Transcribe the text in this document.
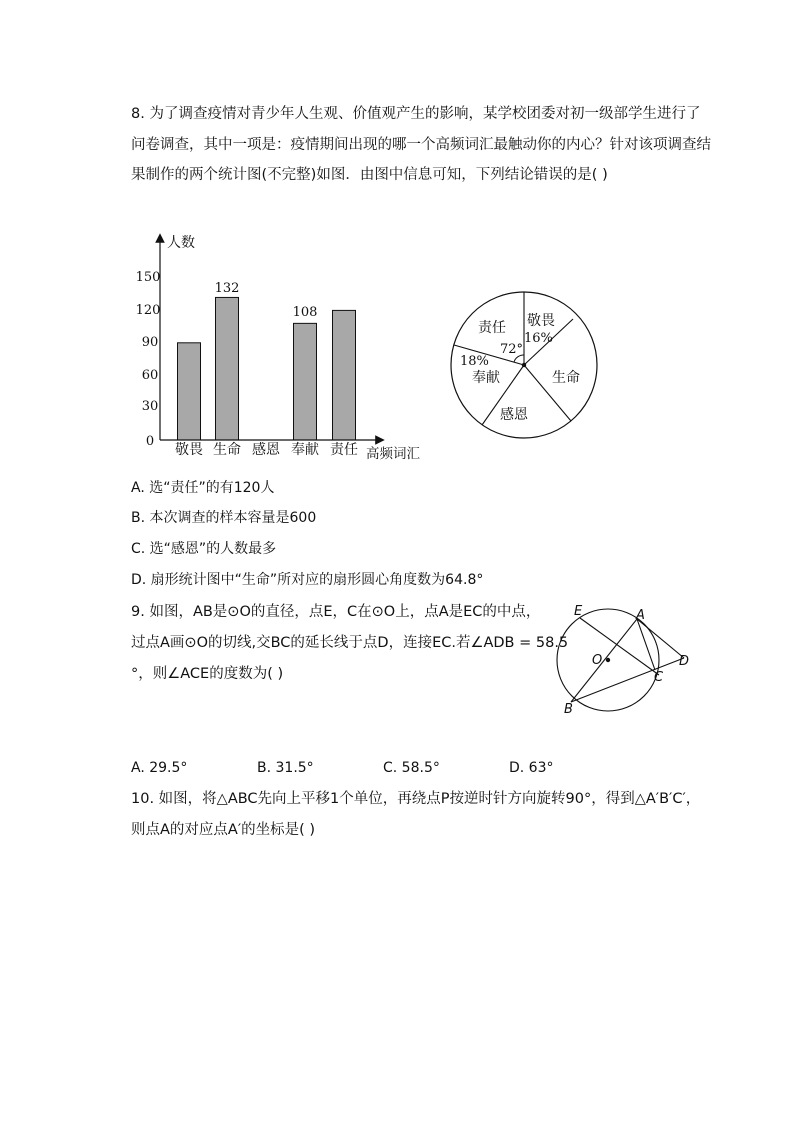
8. 为了调查疫情对青少年人生观、价值观产生的影响，某学校团委对初一级部学生进行了
问卷调查，其中一项是：疫情期间出现的哪一个高频词汇最触动你的内心？针对该项调查结
果制作的两个统计图(不完整)如图．由图中信息可知，下列结论错误的是( )
人数
高频词汇
0
30
60
90
120
150
敬畏 生命 感恩 奉献 责任
132
108
敬畏
16%
责任
72°
18%
奉献	生命
感恩
A. 选“责任”的有120人
B. 本次调查的样本容量是600
C. 选“感恩”的人数最多
D. 扇形统计图中“生命”所对应的扇形圆心角度数为64.8°
9. 如图，AB是⊙O的直径，点E，C在⊙O上，点A是EC的中点，
过点A画⊙O的切线,交BC的延长线于点D，连接EC.若∠ADB = 58.5
°，则∠ACE的度数为( )
E	A
O	D
C
B
A. 29.5°	B. 31.5°	C. 58.5°	D. 63°
10. 如图，将△ABC先向上平移1个单位，再绕点P按逆时针方向旋转90°，得到△A′B′C′，
则点A的对应点A′的坐标是( )
